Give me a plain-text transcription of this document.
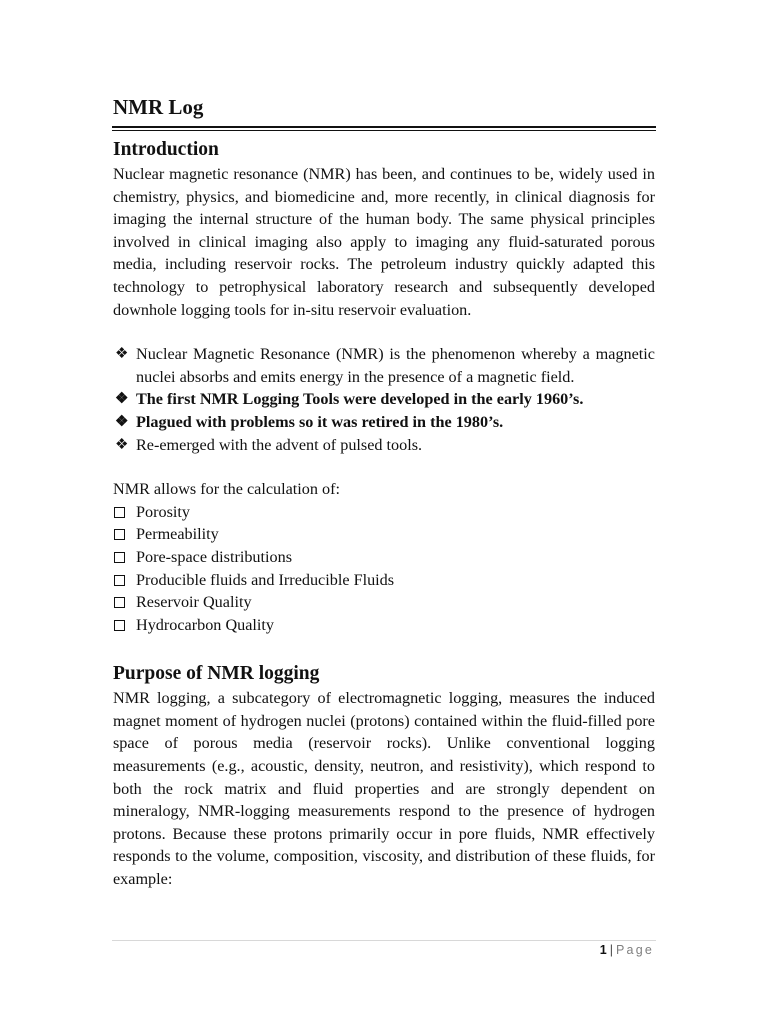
NMR Log
Introduction

Nuclear magnetic resonance (NMR) has been, and continues to be, widely used in chemistry, physics, and biomedicine and, more recently, in clinical diagnosis for imaging the internal structure of the human body. The same physical principles involved in clinical imaging also apply to imaging any fluid-saturated porous media, including reservoir rocks. The petroleum industry quickly adapted this technology to petrophysical laboratory research and subsequently developed downhole logging tools for in-situ reservoir evaluation.

❖ Nuclear Magnetic Resonance (NMR) is the phenomenon whereby a magnetic nuclei absorbs and emits energy in the presence of a magnetic field.
❖ The first NMR Logging Tools were developed in the early 1960’s.
❖ Plagued with problems so it was retired in the 1980’s.
❖ Re-emerged with the advent of pulsed tools.

NMR allows for the calculation of:

Porosity
Permeability
Pore-space distributions
Producible fluids and Irreducible Fluids
Reservoir Quality
Hydrocarbon Quality
Purpose of NMR logging

NMR logging, a subcategory of electromagnetic logging, measures the induced magnet moment of hydrogen nuclei (protons) contained within the fluid-filled pore space of porous media (reservoir rocks). Unlike conventional logging measurements (e.g., acoustic, density, neutron, and resistivity), which respond to both the rock matrix and fluid properties and are strongly dependent on mineralogy, NMR-logging measurements respond to the presence of hydrogen protons. Because these protons primarily occur in pore fluids, NMR effectively responds to the volume, composition, viscosity, and distribution of these fluids, for example:

1 | Page
